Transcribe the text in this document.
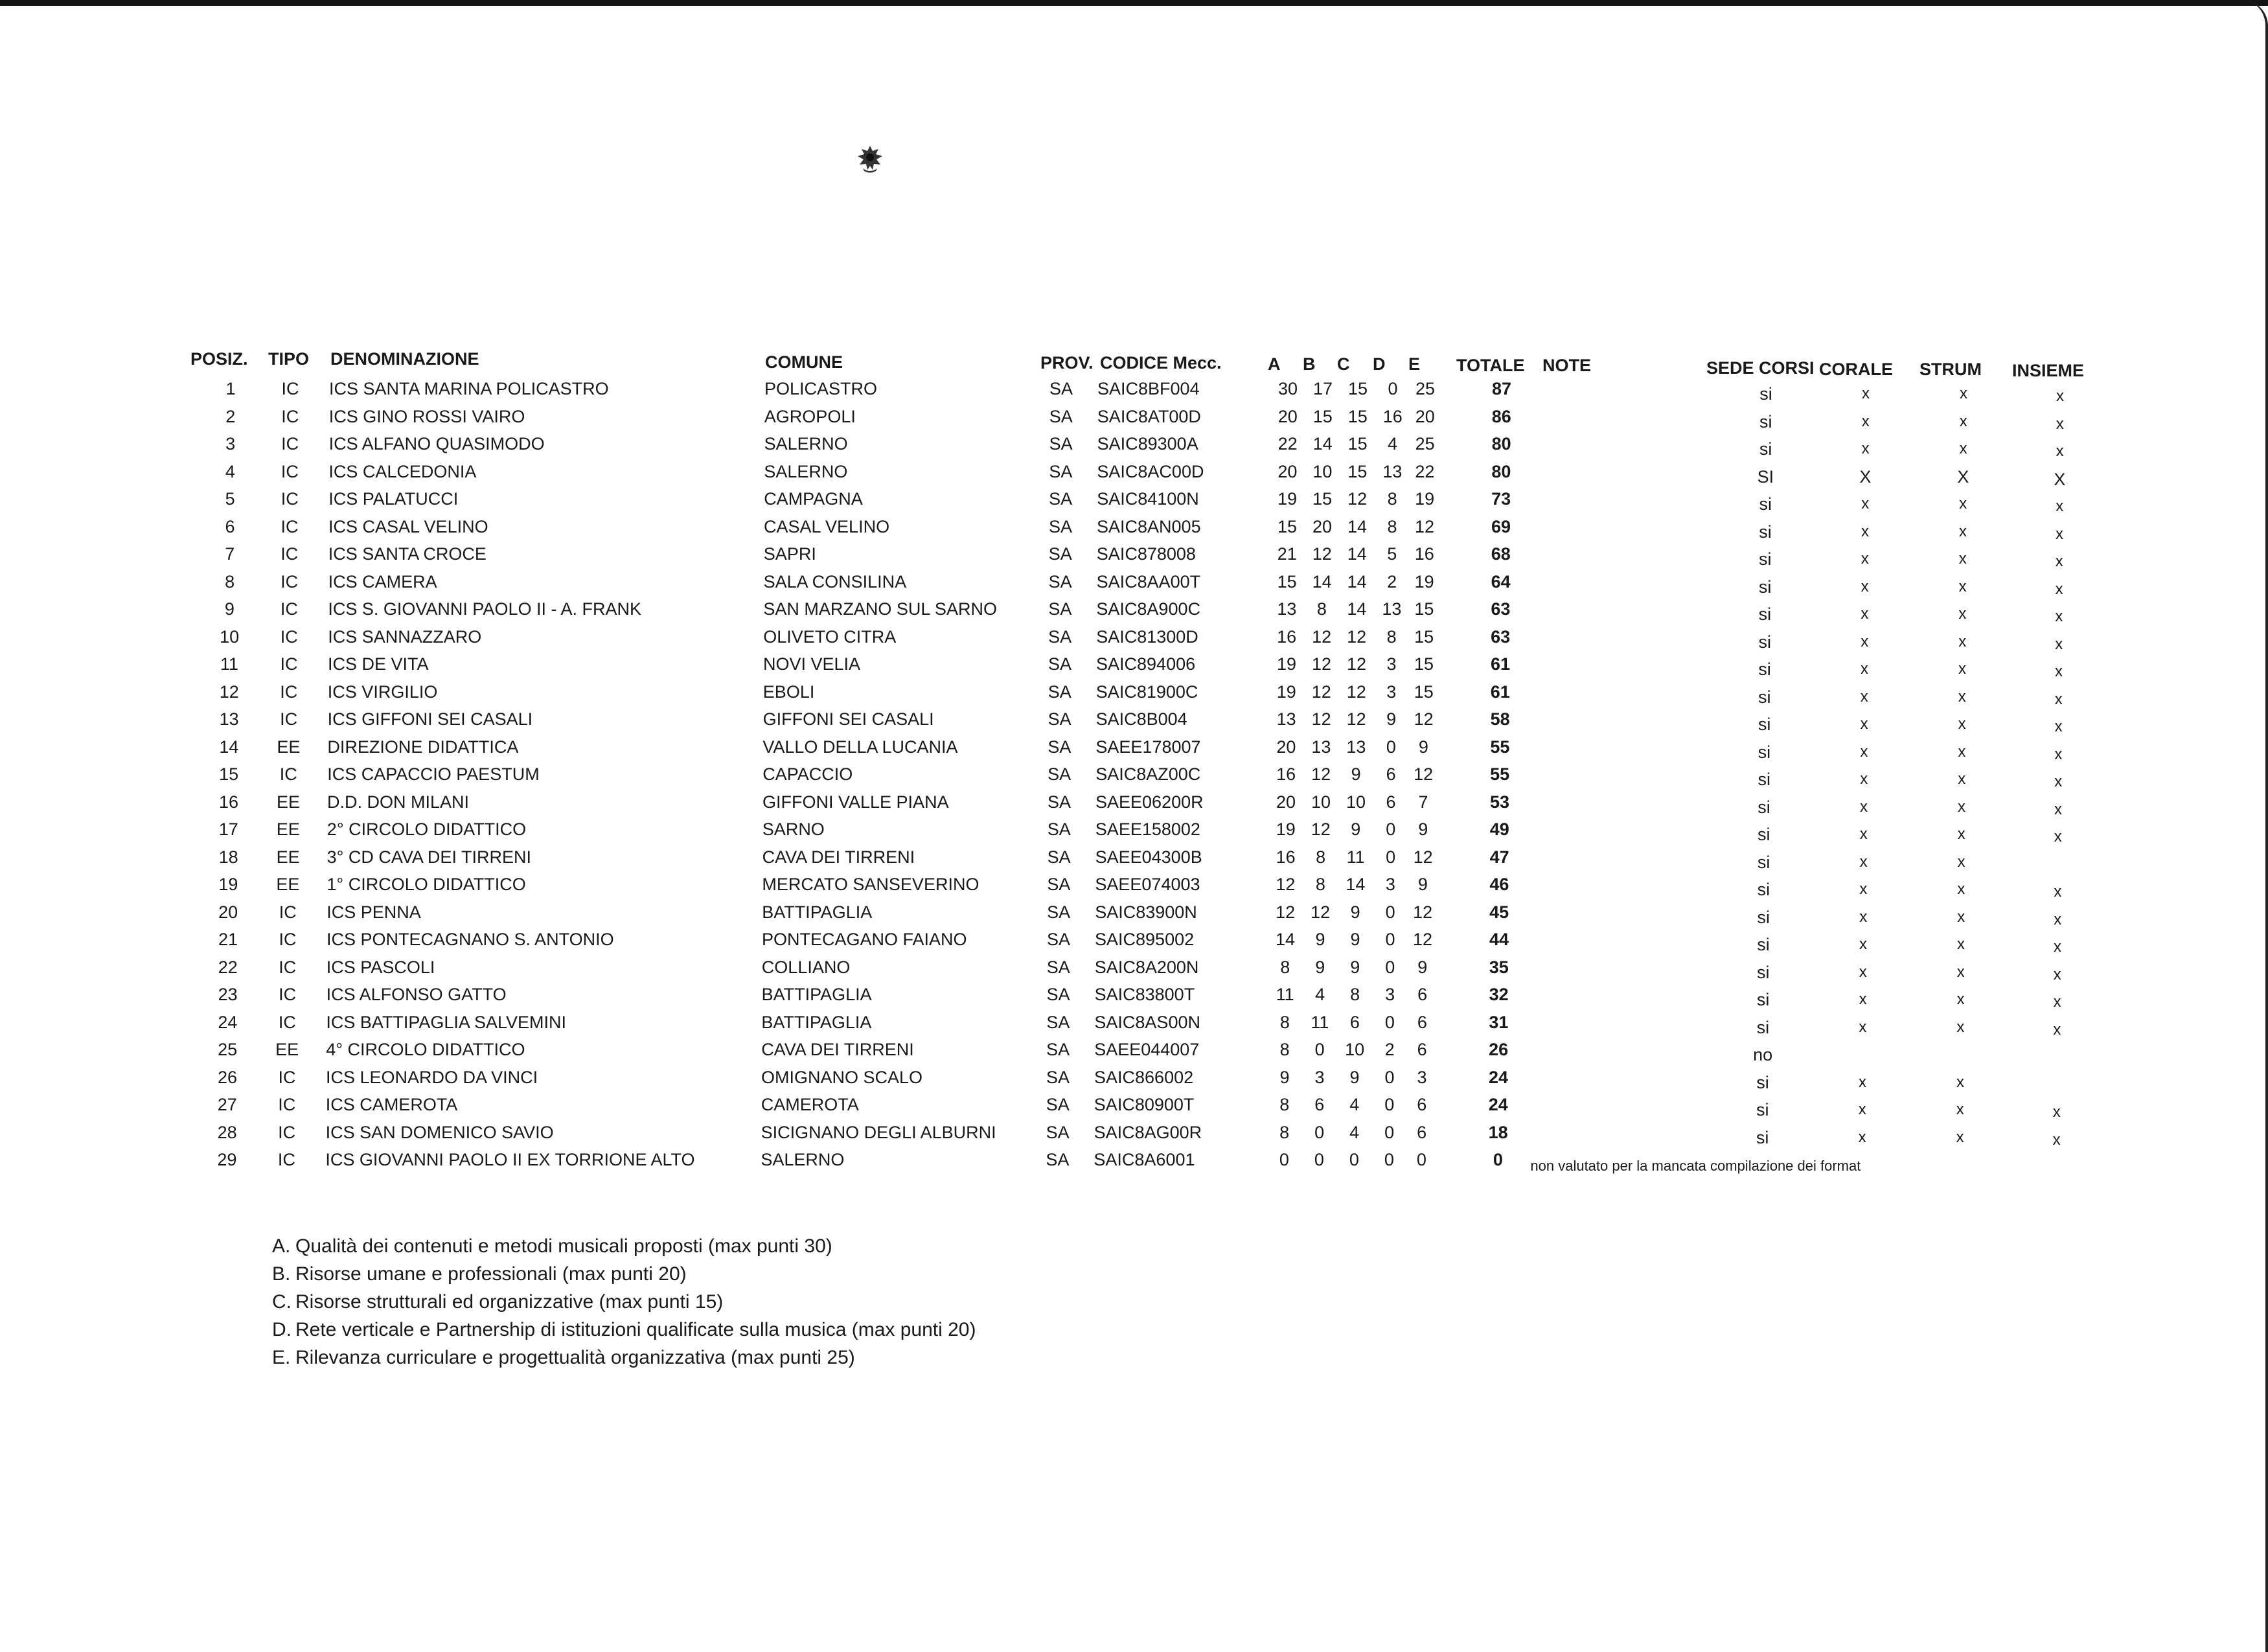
POSIZ. TIPO DENOMINAZIONE	COMUNE	PROV. CODICE Mecc.	A B C D E TOTALE NOTE	SEDE CORSI CORALE STRUM INSIEME
1	IC	ICS SANTA MARINA POLICASTRO	POLICASTRO	SA SAIC8BF004	30 17 15	0	25	87	si	x	x	x
2	IC	ICS GINO ROSSI VAIRO	AGROPOLI	SA SAIC8AT00D	20 15 15 16 20	86	si	x	x	x
3	IC	ICS ALFANO QUASIMODO	SALERNO	SA SAIC89300A	22 14 15	4	25	80	si	x	x	x
4	IC	ICS CALCEDONIA	SALERNO	SA SAIC8AC00D	20 10 15 13 22	80	SI	X	X	X
5	IC	ICS PALATUCCI	CAMPAGNA	SA SAIC84100N	19 15 12	8	19	73	si	x	x	x
6	IC	ICS CASAL VELINO	CASAL VELINO	SA SAIC8AN005	15 20 14	8	12	69	si	x	x	x
7	IC	ICS SANTA CROCE	SAPRI	SA SAIC878008	21 12 14	5	16	68	si	x	x	x
8	IC	ICS CAMERA	SALA CONSILINA	SA SAIC8AA00T	15 14 14	2	19	64	si	x	x	x
9	IC	ICS S. GIOVANNI PAOLO II - A. FRANK	SAN MARZANO SUL SARNO	SA SAIC8A900C	13	8	14 13 15	63	si	x	x	x
10	IC	ICS SANNAZZARO	OLIVETO CITRA	SA SAIC81300D	16 12 12	8	15	63	si	x	x	x
11	IC	ICS DE VITA	NOVI VELIA	SA SAIC894006	19 12 12	3	15	61	si	x	x	x
12	IC	ICS VIRGILIO	EBOLI	SA SAIC81900C	19 12 12	3	15	61	si	x	x	x
13	IC	ICS GIFFONI SEI CASALI	GIFFONI SEI CASALI	SA SAIC8B004	13 12 12	9	12	58	si	x	x	x
14	EE	DIREZIONE DIDATTICA	VALLO DELLA LUCANIA	SA SAEE178007	20 13 13	0	9	55	si	x	x	x
15	IC	ICS CAPACCIO PAESTUM	CAPACCIO	SA SAIC8AZ00C	16 12	9	6	12	55	si	x	x	x
16	EE	D.D. DON MILANI	GIFFONI VALLE PIANA	SA SAEE06200R	20 10 10	6	7	53	si	x	x	x
17	EE	2° CIRCOLO DIDATTICO	SARNO	SA SAEE158002	19 12	9	0	9	49	si	x	x	x
18	EE	3° CD CAVA DEI TIRRENI	CAVA DEI TIRRENI	SA SAEE04300B	16	8	11	0	12	47	si	x	x
19	EE	1° CIRCOLO DIDATTICO	MERCATO SANSEVERINO	SA SAEE074003	12	8	14	3	9	46	si	x	x	x
20	IC	ICS PENNA	BATTIPAGLIA	SA SAIC83900N	12 12	9	0	12	45	si	x	x	x
21	IC	ICS PONTECAGNANO S. ANTONIO	PONTECAGANO FAIANO	SA SAIC895002	14	9	9	0	12	44	si	x	x	x
22	IC	ICS PASCOLI	COLLIANO	SA SAIC8A200N	8	9	9	0	9	35	si	x	x	x
23	IC	ICS ALFONSO GATTO	BATTIPAGLIA	SA SAIC83800T	11	4	8	3	6	32	si	x	x	x
24	IC	ICS BATTIPAGLIA SALVEMINI	BATTIPAGLIA	SA SAIC8AS00N	8	11	6	0	6	31	si	x	x	x
25	EE	4° CIRCOLO DIDATTICO	CAVA DEI TIRRENI	SA SAEE044007	8	0	10	2	6	26	no
26	IC	ICS LEONARDO DA VINCI	OMIGNANO SCALO	SA SAIC866002	9	3	9	0	3	24	si	x	x
27	IC	ICS CAMEROTA	CAMEROTA	SA SAIC80900T	8	6	4	0	6	24	si	x	x	x
28	IC	ICS SAN DOMENICO SAVIO	SICIGNANO DEGLI ALBURNI	SA SAIC8AG00R	8	0	4	0	6	18	si	x	x	x
29	IC	ICS GIOVANNI PAOLO II EX TORRIONE ALTO	SALERNO	SA SAIC8A6001	0	0	0	0	0	0	non valutato per la mancata compilazione dei format
A. Qualità dei contenuti e metodi musicali proposti (max punti 30)
B. Risorse umane e professionali (max punti 20)
C. Risorse strutturali ed organizzative (max punti 15)
D. Rete verticale e Partnership di istituzioni qualificate sulla musica (max punti 20)
E. Rilevanza curriculare e progettualità organizzativa (max punti 25)
